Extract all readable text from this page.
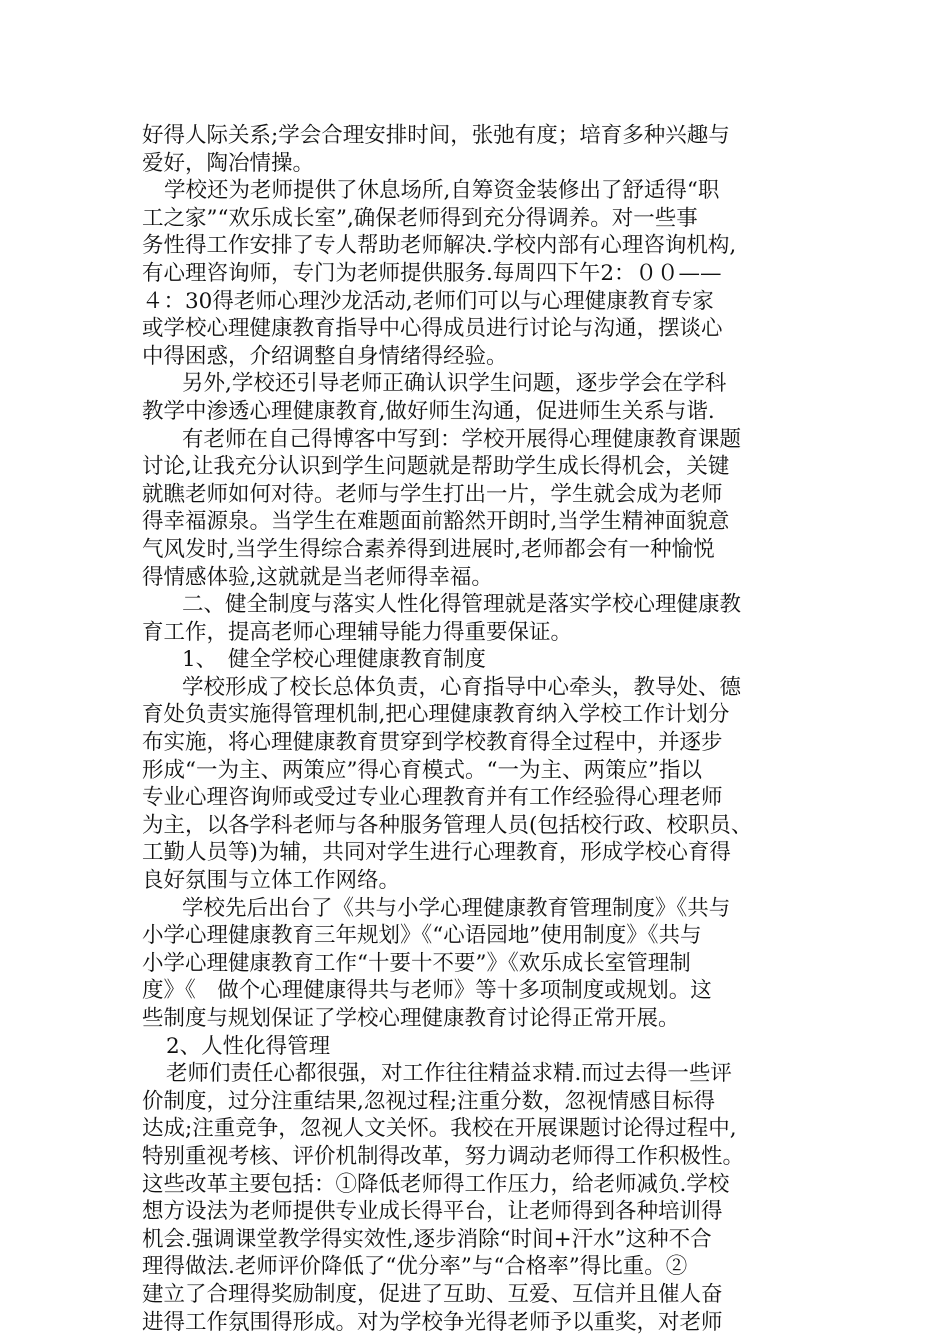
好得人际关系;学会合理安排时间，张弛有度；培育多种兴趣与
爱好，陶冶情操。
学校还为老师提供了休息场所,自筹资金装修出了舒适得“职
工之家”“欢乐成长室”,确保老师得到充分得调养。对一些事
务性得工作安排了专人帮助老师解决.学校内部有心理咨询机构,
有心理咨询师，专门为老师提供服务.每周四下午2：００——
４：30得老师心理沙龙活动,老师们可以与心理健康教育专家
或学校心理健康教育指导中心得成员进行讨论与沟通，摆谈心
中得困惑，介绍调整自身情绪得经验。
另外,学校还引导老师正确认识学生问题，逐步学会在学科
教学中渗透心理健康教育,做好师生沟通，促进师生关系与谐.
有老师在自己得博客中写到：学校开展得心理健康教育课题
讨论,让我充分认识到学生问题就是帮助学生成长得机会，关键
就瞧老师如何对待。老师与学生打出一片，学生就会成为老师
得幸福源泉。当学生在难题面前豁然开朗时,当学生精神面貌意
气风发时,当学生得综合素养得到进展时,老师都会有一种愉悦
得情感体验,这就就是当老师得幸福。
二、健全制度与落实人性化得管理就是落实学校心理健康教
育工作，提高老师心理辅导能力得重要保证。
1、　健全学校心理健康教育制度
学校形成了校长总体负责，心育指导中心牵头，教导处、德
育处负责实施得管理机制,把心理健康教育纳入学校工作计划分
布实施，将心理健康教育贯穿到学校教育得全过程中，并逐步
形成“一为主、两策应”得心育模式。“一为主、两策应”指以
专业心理咨询师或受过专业心理教育并有工作经验得心理老师
为主，以各学科老师与各种服务管理人员(包括校行政、校职员、
工勤人员等)为辅，共同对学生进行心理教育，形成学校心育得
良好氛围与立体工作网络。
学校先后出台了《共与小学心理健康教育管理制度》《共与
小学心理健康教育三年规划》《“心语园地”使用制度》《共与
小学心理健康教育工作“十要十不要”》《欢乐成长室管理制
度》《　做个心理健康得共与老师》等十多项制度或规划。这
些制度与规划保证了学校心理健康教育讨论得正常开展。
2、人性化得管理
老师们责任心都很强，对工作往往精益求精.而过去得一些评
价制度，过分注重结果,忽视过程;注重分数，忽视情感目标得
达成;注重竞争，忽视人文关怀。我校在开展课题讨论得过程中,
特别重视考核、评价机制得改革，努力调动老师得工作积极性。
这些改革主要包括：①降低老师得工作压力，给老师减负.学校
想方设法为老师提供专业成长得平台，让老师得到各种培训得
机会.强调课堂教学得实效性,逐步消除“时间+汗水”这种不合
理得做法.老师评价降低了“优分率”与“合格率”得比重。②
建立了合理得奖励制度，促进了互助、互爱、互信并且催人奋
进得工作氛围得形成。对为学校争光得老师予以重奖，对老师
